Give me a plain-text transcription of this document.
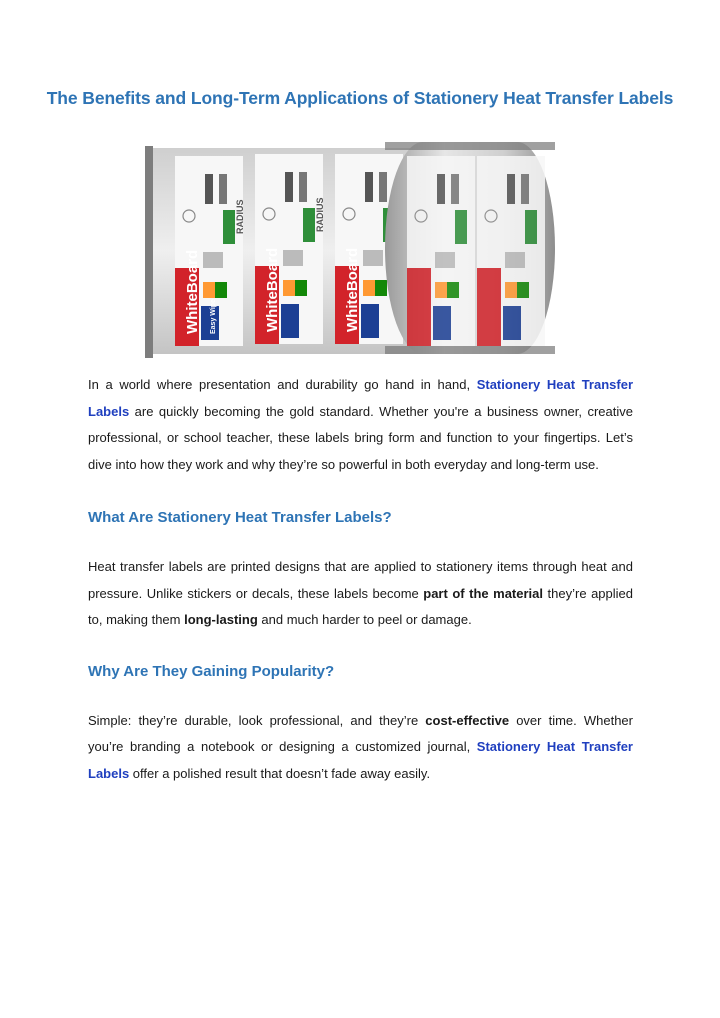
The Benefits and Long-Term Applications of Stationery Heat Transfer Labels
WhiteBoard	WhiteBoard	WhiteBoard
RADIUS	RADIUS
Easy Wipe

In a world where presentation and durability go hand in hand, Stationery Heat Transfer Labels are quickly becoming the gold standard. Whether you're a business owner, creative professional, or school teacher, these labels bring form and function to your fingertips. Let’s dive into how they work and why they’re so powerful in both everyday and long-term use.

What Are Stationery Heat Transfer Labels?

Heat transfer labels are printed designs that are applied to stationery items through heat and pressure. Unlike stickers or decals, these labels become part of the material they’re applied to, making them long-lasting and much harder to peel or damage.

Why Are They Gaining Popularity?

Simple: they’re durable, look professional, and they’re cost-effective over time. Whether you’re branding a notebook or designing a customized journal, Stationery Heat Transfer Labels offer a polished result that doesn’t fade away easily.
